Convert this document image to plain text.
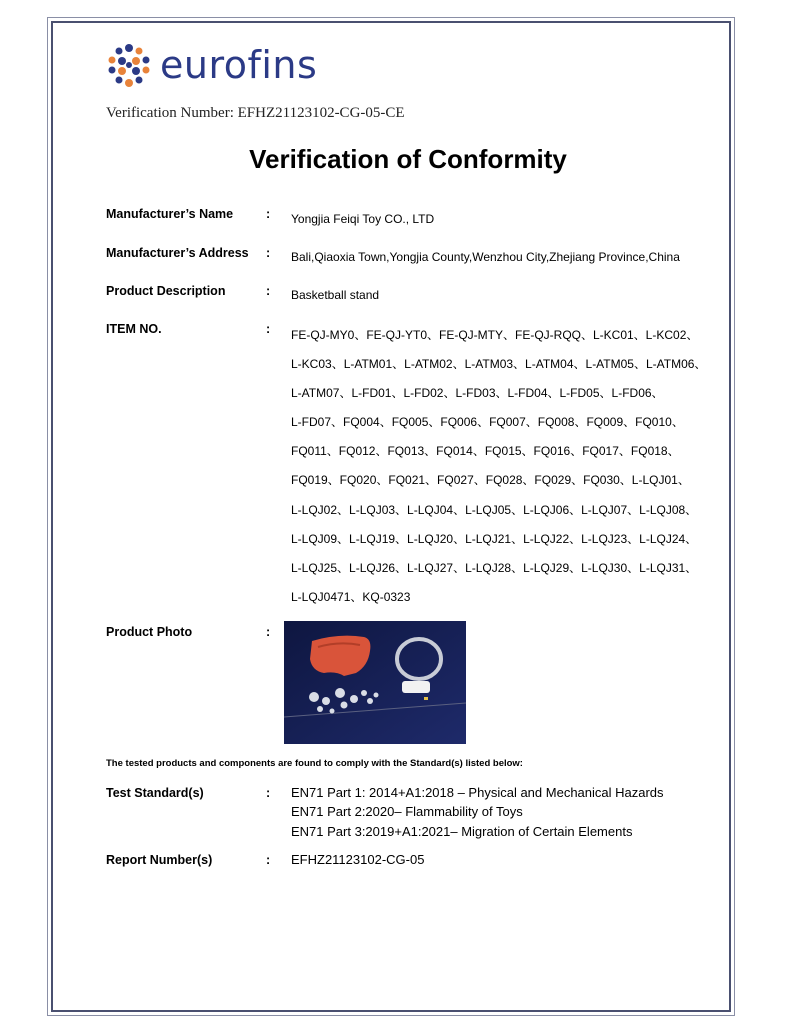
eurofins
Verification Number: EFHZ21123102-CG-05-CE
Verification of Conformity
Manufacturer’s Name	: Yongjia Feiqi Toy CO., LTD
Manufacturer’s Address : Bali,Qiaoxia Town,Yongjia County,Wenzhou City,Zhejiang Province,China
Product Description	: Basketball stand
ITEM NO.	: FE-QJ-MY0、FE-QJ-YT0、FE-QJ-MTY、FE-QJ-RQQ、L-KC01、L-KC02、
L-KC03、L-ATM01、L-ATM02、L-ATM03、L-ATM04、L-ATM05、L-ATM06、
L-ATM07、L-FD01、L-FD02、L-FD03、L-FD04、L-FD05、L-FD06、
L-FD07、FQ004、FQ005、FQ006、FQ007、FQ008、FQ009、FQ010、
FQ011、FQ012、FQ013、FQ014、FQ015、FQ016、FQ017、FQ018、
FQ019、FQ020、FQ021、FQ027、FQ028、FQ029、FQ030、L-LQJ01、
L-LQJ02、L-LQJ03、L-LQJ04、L-LQJ05、L-LQJ06、L-LQJ07、L-LQJ08、
L-LQJ09、L-LQJ19、L-LQJ20、L-LQJ21、L-LQJ22、L-LQJ23、L-LQJ24、
L-LQJ25、L-LQJ26、L-LQJ27、L-LQJ28、L-LQJ29、L-LQJ30、L-LQJ31、
L-LQJ0471、KQ-0323
Product Photo	:
The tested products and components are found to comply with the Standard(s) listed below:
Test Standard(s)	: EN71 Part 1: 2014+A1:2018 – Physical and Mechanical Hazards
EN71 Part 2:2020– Flammability of Toys
EN71 Part 3:2019+A1:2021– Migration of Certain Elements
Report Number(s)	: EFHZ21123102-CG-05
